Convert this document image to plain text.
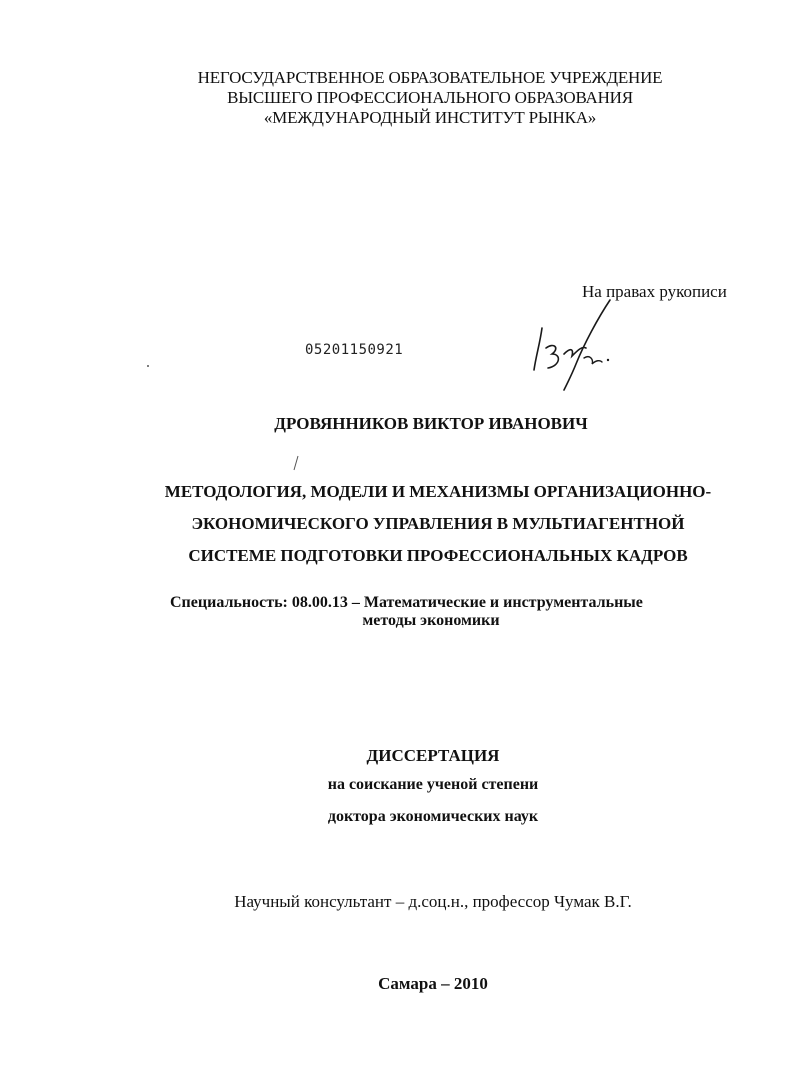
НЕГОСУДАРСТВЕННОЕ ОБРАЗОВАТЕЛЬНОЕ УЧРЕЖДЕНИЕ
ВЫСШЕГО ПРОФЕССИОНАЛЬНОГО ОБРАЗОВАНИЯ
«МЕЖДУНАРОДНЫЙ ИНСТИТУТ РЫНКА»
На правах рукописи
05201150921
ДРОВЯННИКОВ ВИКТОР ИВАНОВИЧ
МЕТОДОЛОГИЯ, МОДЕЛИ И МЕХАНИЗМЫ ОРГАНИЗАЦИОННО-
ЭКОНОМИЧЕСКОГО УПРАВЛЕНИЯ В МУЛЬТИАГЕНТНОЙ
СИСТЕМЕ ПОДГОТОВКИ ПРОФЕССИОНАЛЬНЫХ КАДРОВ
Специальность: 08.00.13 – Математические и инструментальные
методы экономики
ДИССЕРТАЦИЯ
на соискание ученой степени
доктора экономических наук
Научный консультант – д.соц.н., профессор Чумак В.Г.
Самара – 2010
